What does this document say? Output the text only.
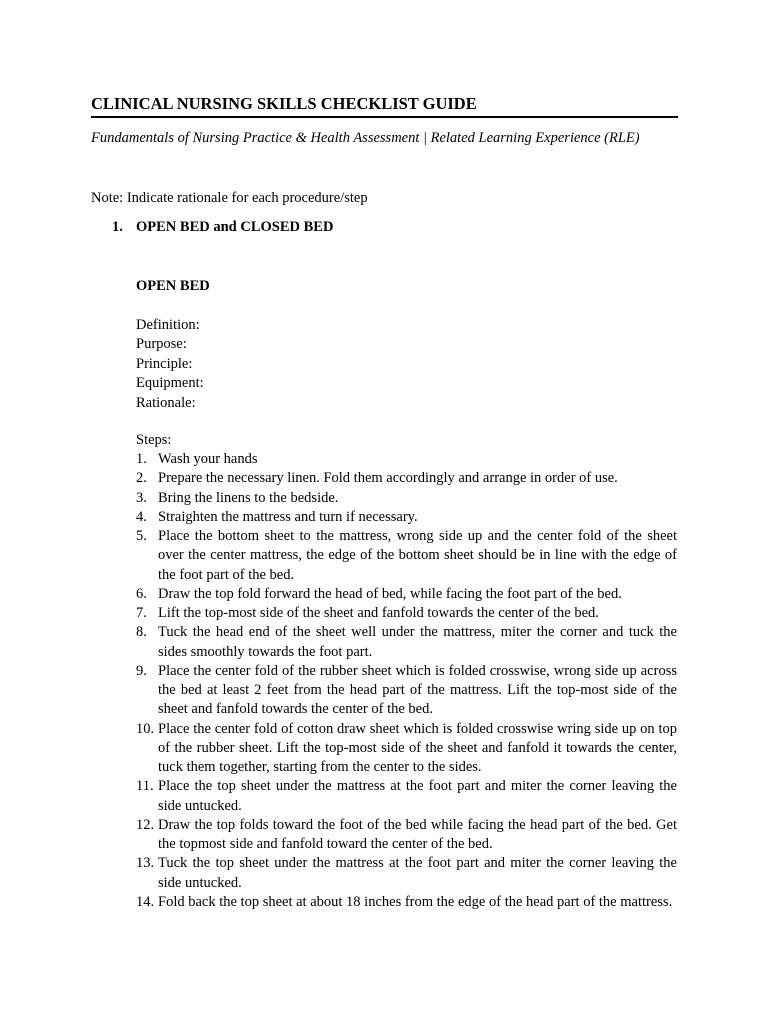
CLINICAL NURSING SKILLS CHECKLIST GUIDE
Fundamentals of Nursing Practice & Health Assessment | Related Learning Experience (RLE)
Note: Indicate rationale for each procedure/step
1. OPEN BED and CLOSED BED
OPEN BED
Definition:
Purpose:
Principle:
Equipment:
Rationale:
Steps:
1. Wash your hands
2. Prepare the necessary linen. Fold them accordingly and arrange in order of use.
3. Bring the linens to the bedside.
4. Straighten the mattress and turn if necessary.
5. Place the bottom sheet to the mattress, wrong side up and the center fold of the sheet over the center mattress, the edge of the bottom sheet should be in line with the edge of the foot part of the bed.
6. Draw the top fold forward the head of bed, while facing the foot part of the bed.
7. Lift the top-most side of the sheet and fanfold towards the center of the bed.
8. Tuck the head end of the sheet well under the mattress, miter the corner and tuck the sides smoothly towards the foot part.
9. Place the center fold of the rubber sheet which is folded crosswise, wrong side up across the bed at least 2 feet from the head part of the mattress. Lift the top-most side of the sheet and fanfold towards the center of the bed.
10. Place the center fold of cotton draw sheet which is folded crosswise wring side up on top of the rubber sheet. Lift the top-most side of the sheet and fanfold it towards the center, tuck them together, starting from the center to the sides.
11. Place the top sheet under the mattress at the foot part and miter the corner leaving the side untucked.
12. Draw the top folds toward the foot of the bed while facing the head part of the bed. Get the topmost side and fanfold toward the center of the bed.
13. Tuck the top sheet under the mattress at the foot part and miter the corner leaving the side untucked.
14. Fold back the top sheet at about 18 inches from the edge of the head part of the mattress.
